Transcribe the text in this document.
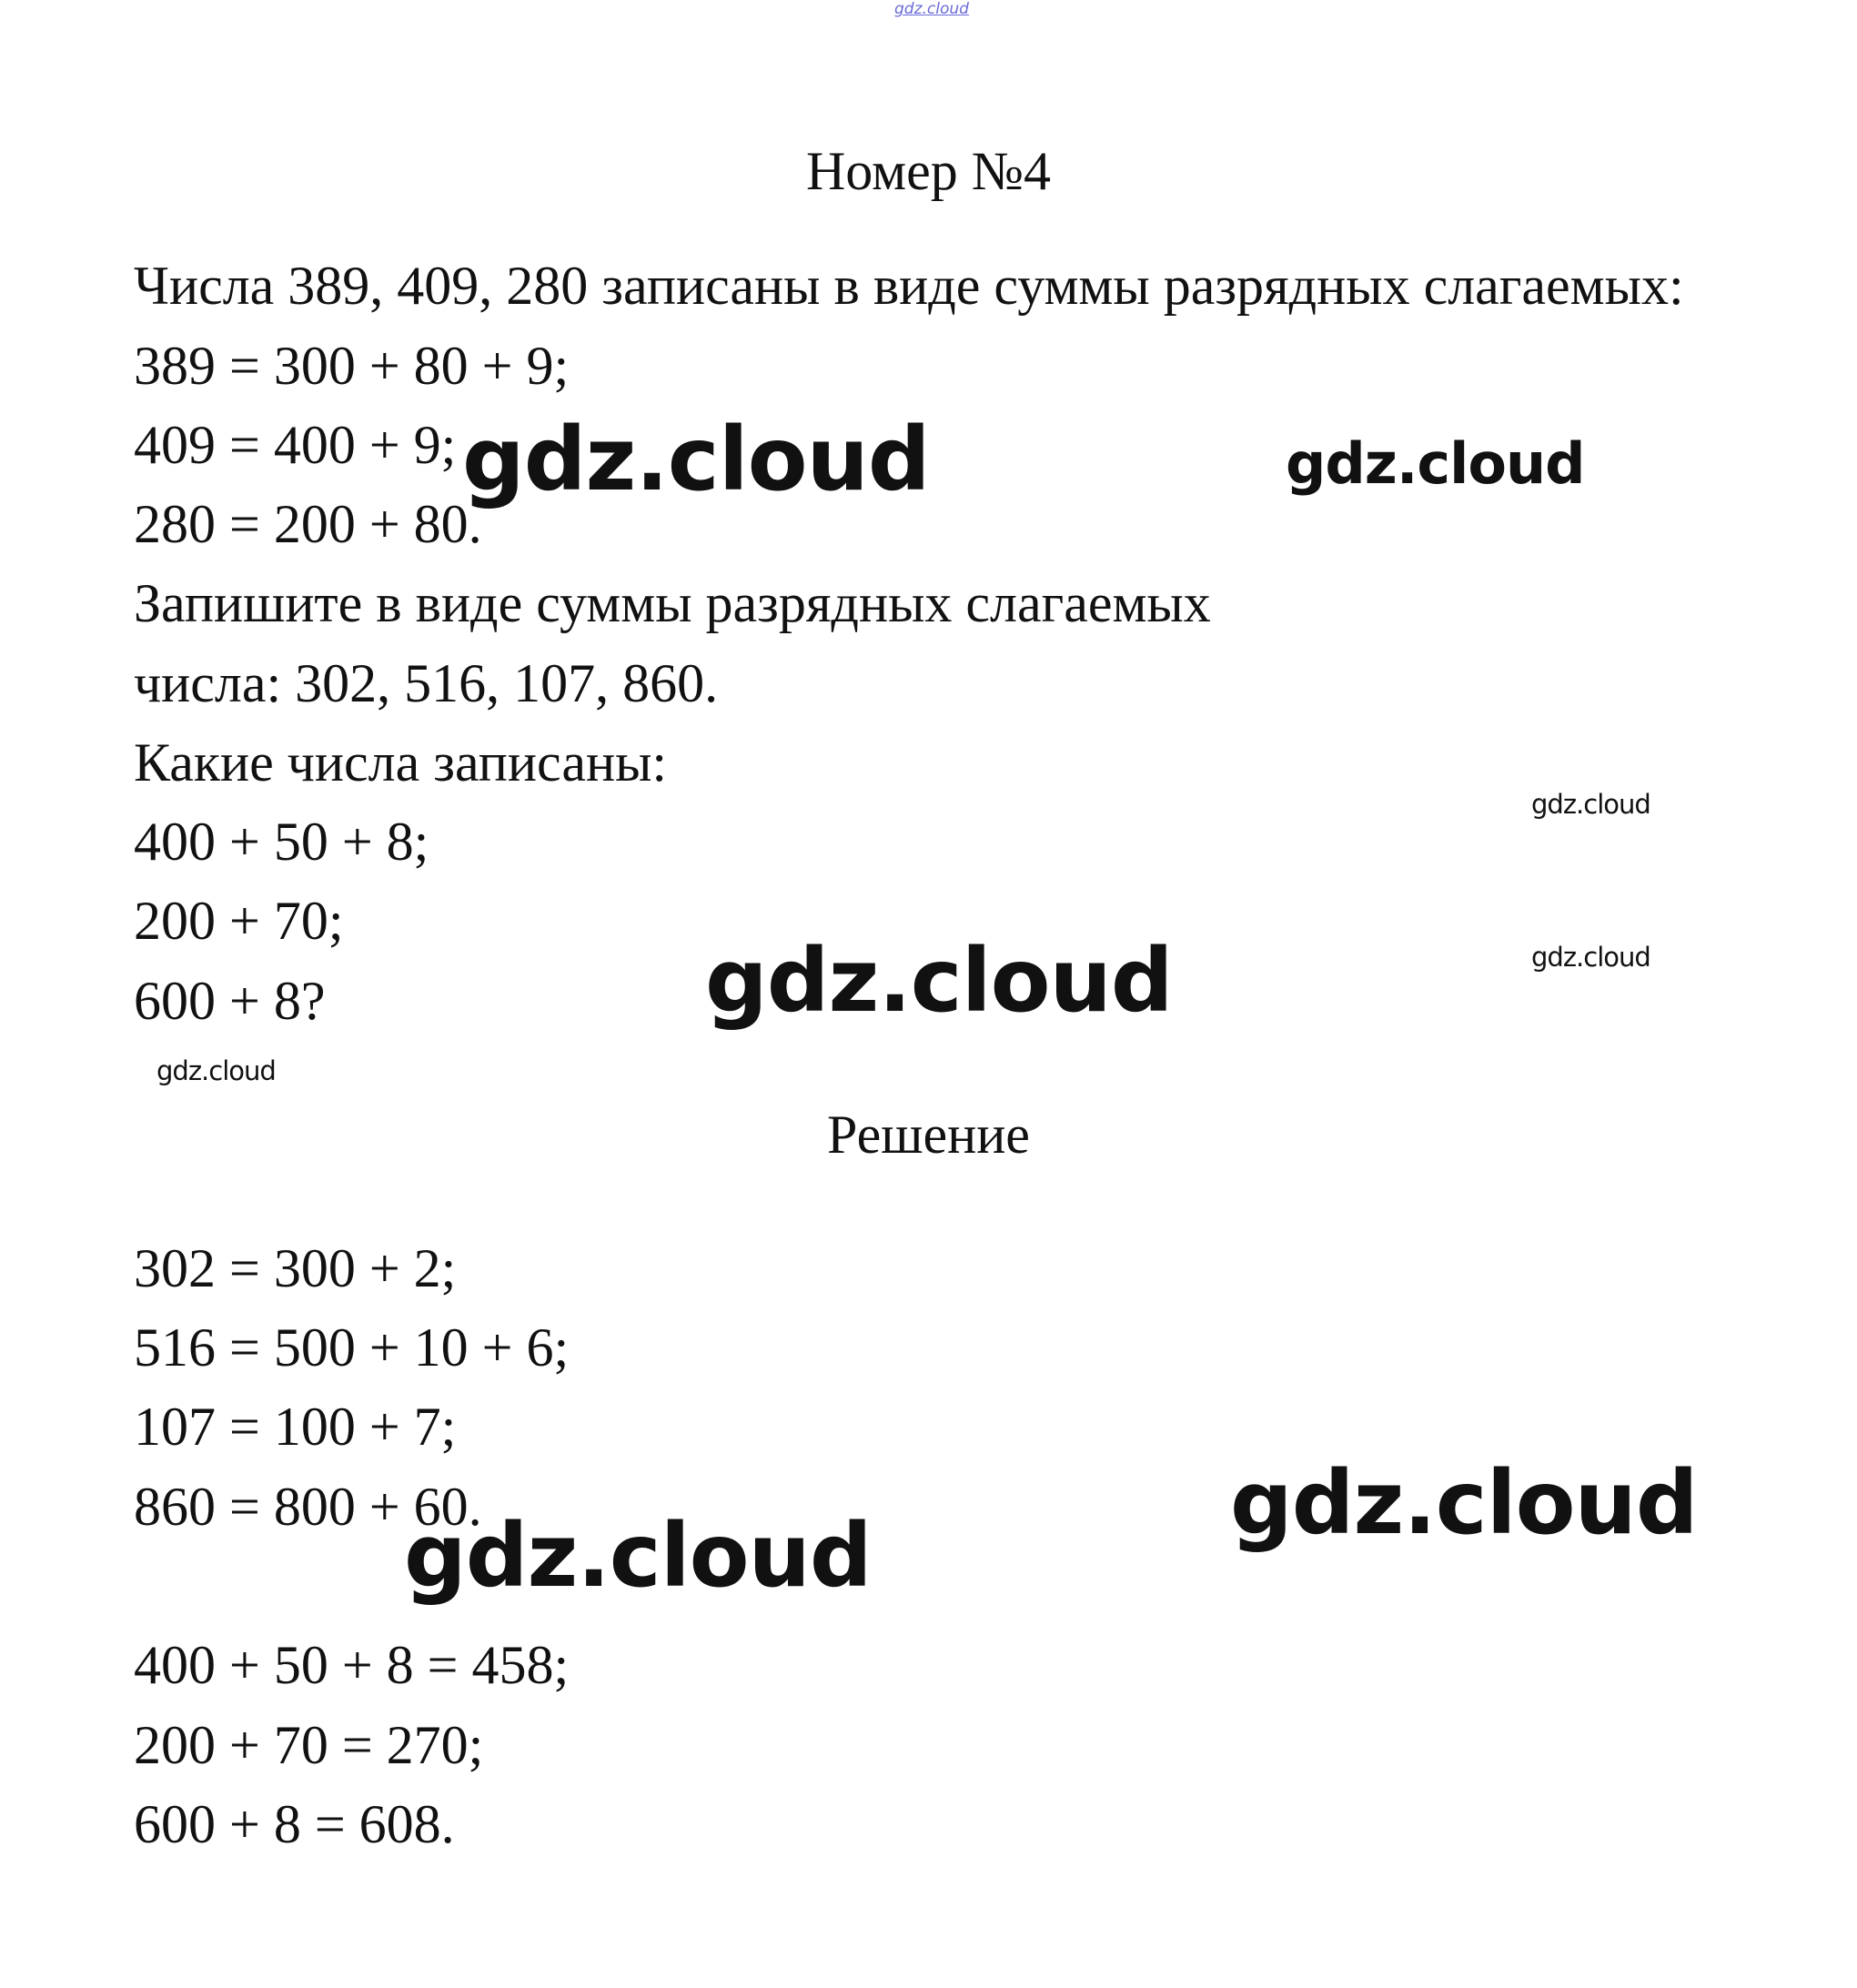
gdz.cloud
Номер №4
Числа 389, 409, 280 записаны в виде суммы разрядных слагаемых:
389 = 300 + 80 + 9;
409 = 400 + 9;
280 = 200 + 80.
Запишите в виде суммы разрядных слагаемых
числа: 302, 516, 107, 860.
Какие числа записаны:
400 + 50 + 8;
200 + 70;
600 + 8?
Решение
302 = 300 + 2;
516 = 500 + 10 + 6;
107 = 100 + 7;
860 = 800 + 60.
400 + 50 + 8 = 458;
200 + 70 = 270;
600 + 8 = 608.
gdz.cloud	gdz.cloud
gdz.cloud
gdz.cloud	gdz.cloud
gdz.cloud
gdz.cloud
gdz.cloud
